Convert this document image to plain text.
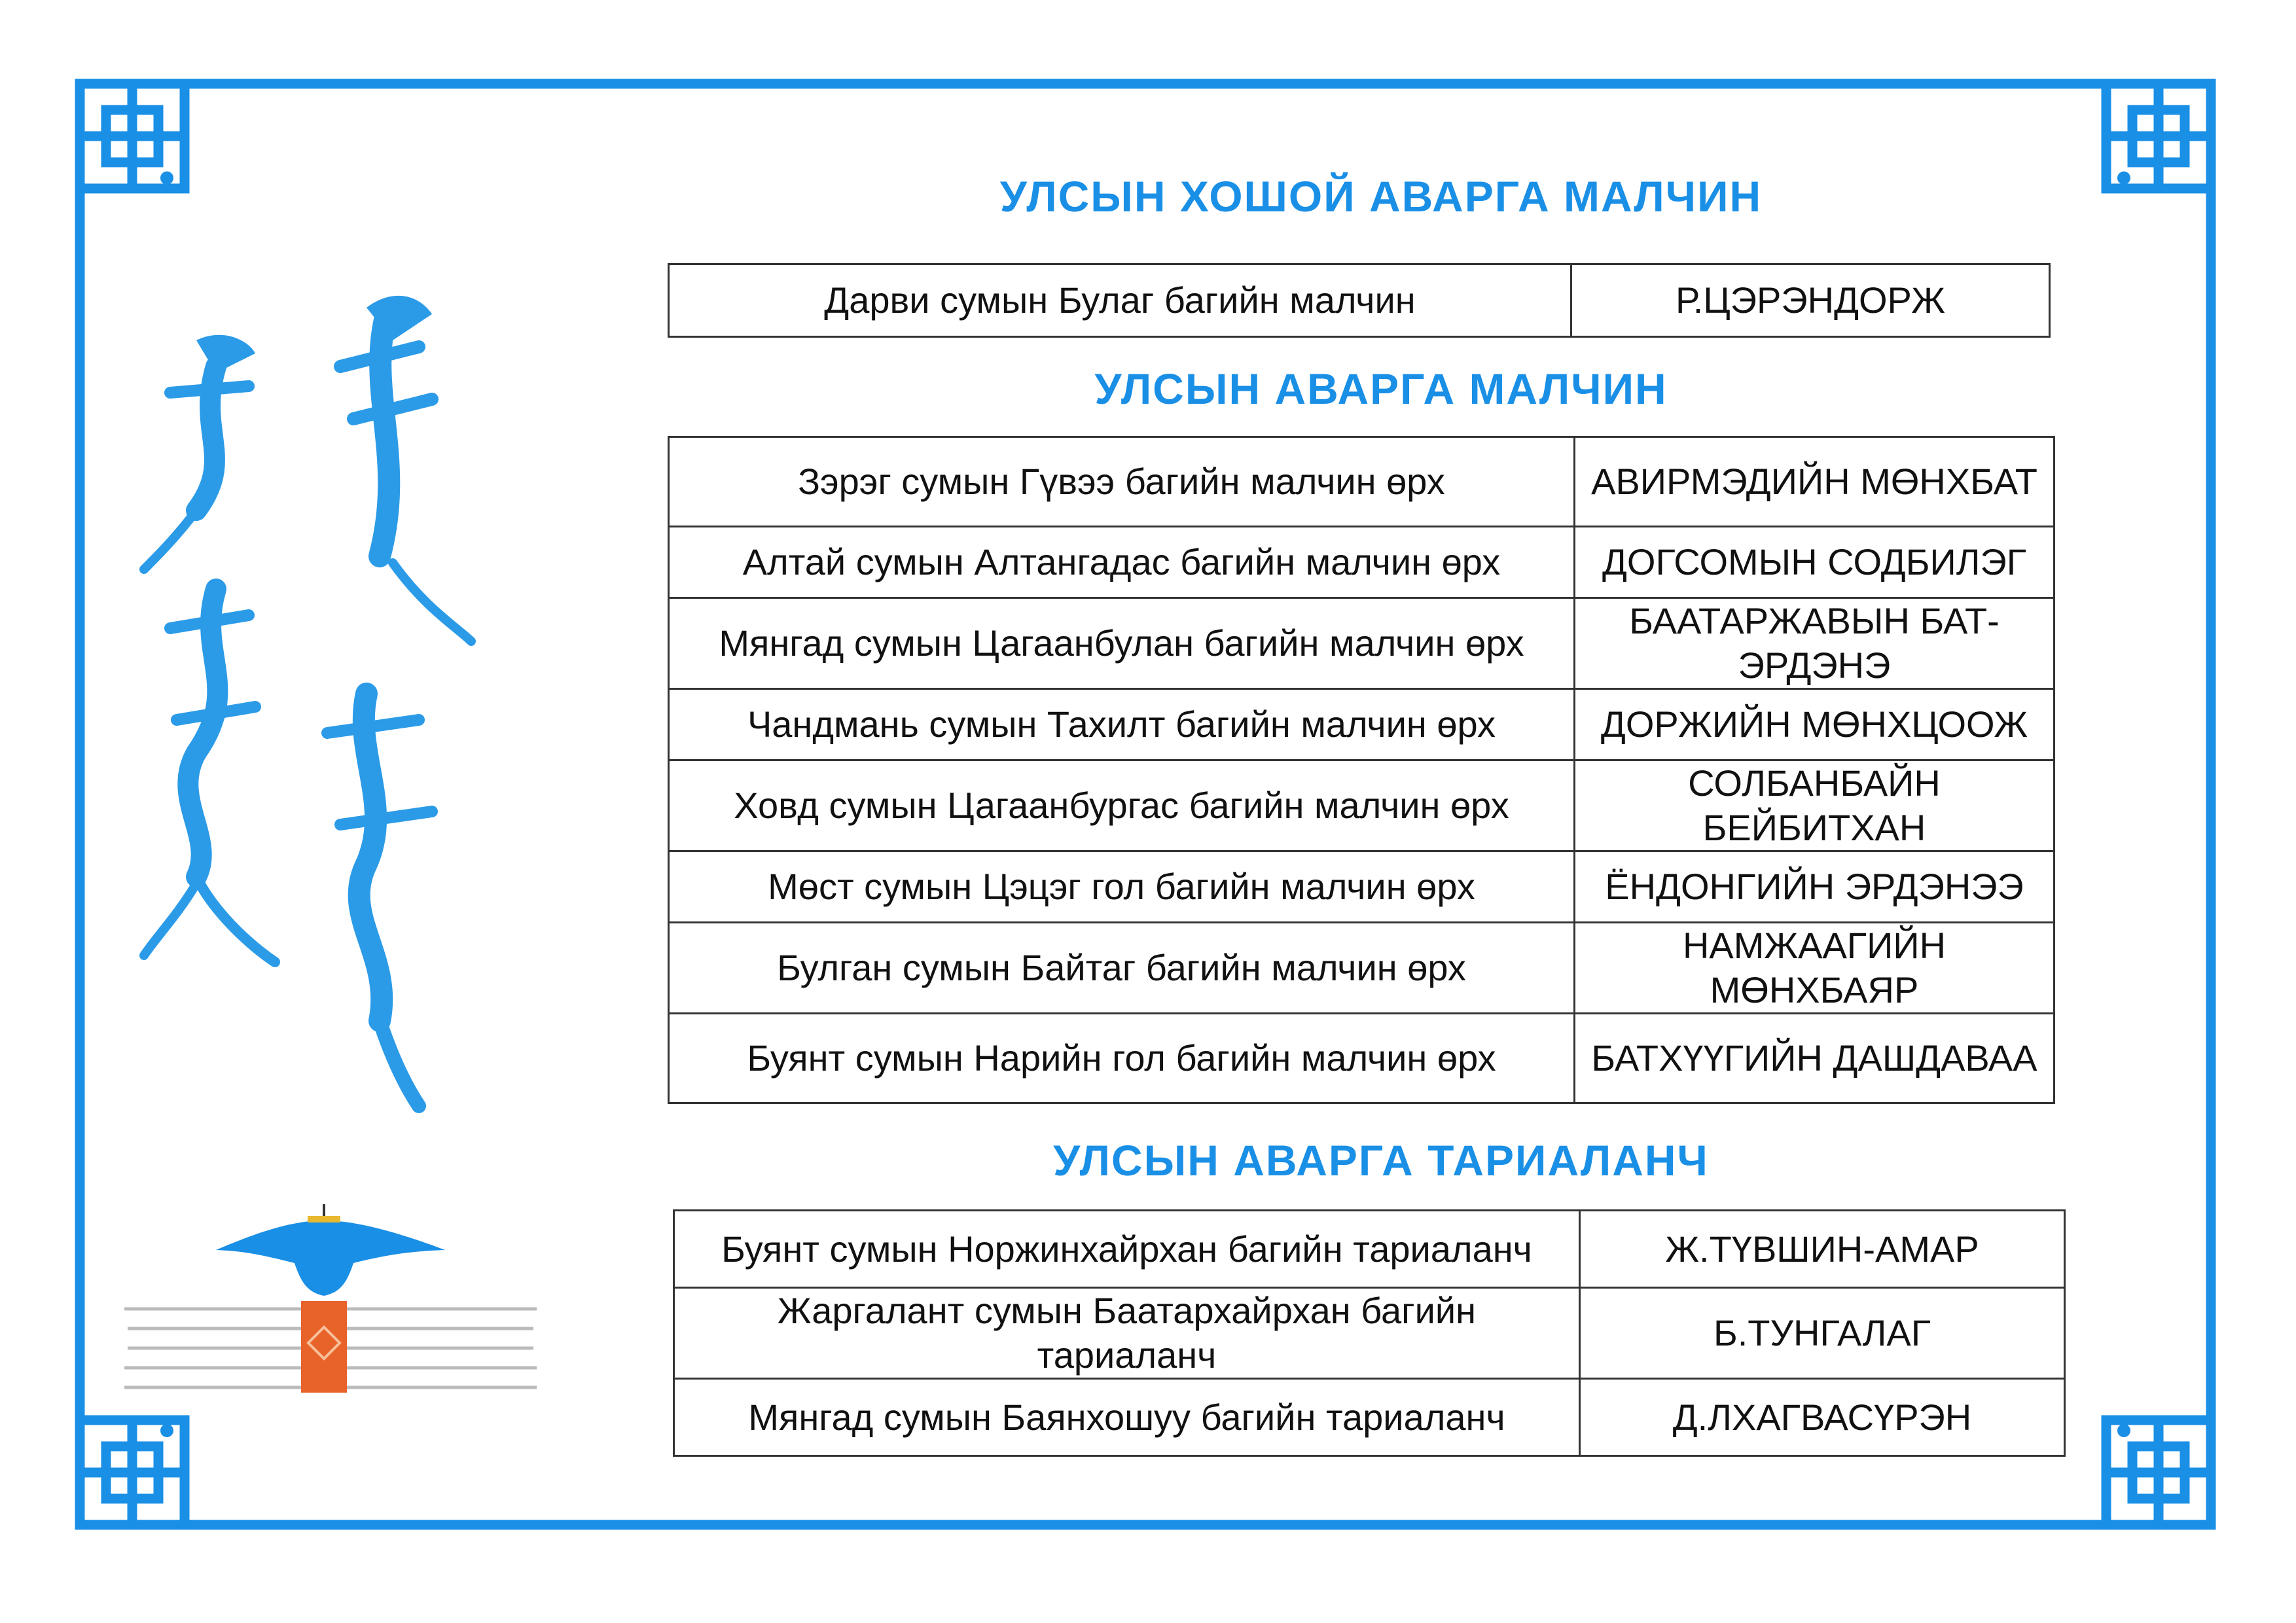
УЛСЫН ХОШОЙ АВАРГА МАЛЧИН
Дарви сумын Булаг багийн малчин	Р.ЦЭРЭНДОРЖ
УЛСЫН АВАРГА МАЛЧИН
Зэрэг сумын Гүвээ багийн малчин өрх	АВИРМЭДИЙН МӨНХБАТ
Алтай сумын Алтангадас багийн малчин өрх	ДОГСОМЫН СОДБИЛЭГ
Мянгад сумын Цагаанбулан багийн малчин өрх	БААТАРЖАВЫН БАТ-ЭРДЭНЭ
Чандмань сумын Тахилт багийн малчин өрх	ДОРЖИЙН МӨНХЦООЖ
Ховд сумын Цагаанбургас багийн малчин өрх	СОЛБАНБАЙН БЕЙБИТХАН
Мөст сумын Цэцэг гол багийн малчин өрх	ЁНДОНГИЙН ЭРДЭНЭЭ
Булган сумын Байтаг багийн малчин өрх	НАМЖААГИЙН МӨНХБАЯР
Буянт сумын Нарийн гол багийн малчин өрх	БАТХҮҮГИЙН ДАШДАВАА
УЛСЫН АВАРГА ТАРИАЛАНЧ
Буянт сумын Норжинхайрхан багийн тариаланч	Ж.ТҮВШИН-АМАР
Жаргалант сумын Баатархайрхан багийн тариаланч	Б.ТУНГАЛАГ
Мянгад сумын Баянхошуу багийн тариаланч	Д.ЛХАГВАСҮРЭН
